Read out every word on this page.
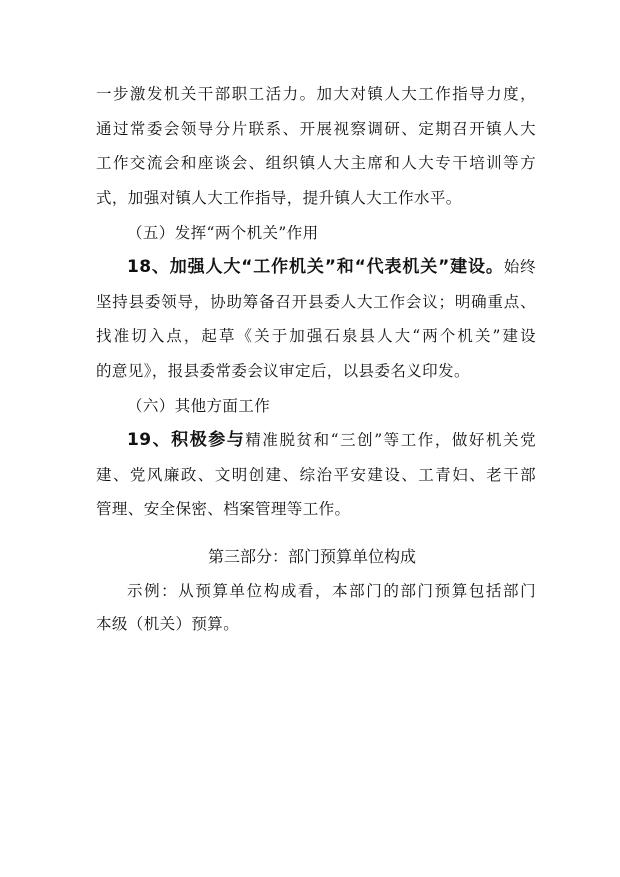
一步激发机关干部职工活力。加大对镇人大工作指导力度，
通过常委会领导分片联系、开展视察调研、定期召开镇人大
工作交流会和座谈会、组织镇人大主席和人大专干培训等方
式，加强对镇人大工作指导，提升镇人大工作水平。
（五）发挥“两个机关”作用
18、加强人大“工作机关”和“代表机关”建设。始终
坚持县委领导，协助筹备召开县委人大工作会议；明确重点、
找准切入点，起草《关于加强石泉县人大“两个机关”建设
的意见》，报县委常委会议审定后，以县委名义印发。
（六）其他方面工作
19、积极参与精准脱贫和“三创”等工作，做好机关党
建、党风廉政、文明创建、综治平安建设、工青妇、老干部
管理、安全保密、档案管理等工作。
第三部分：部门预算单位构成
示例：从预算单位构成看，本部门的部门预算包括部门
本级（机关）预算。
